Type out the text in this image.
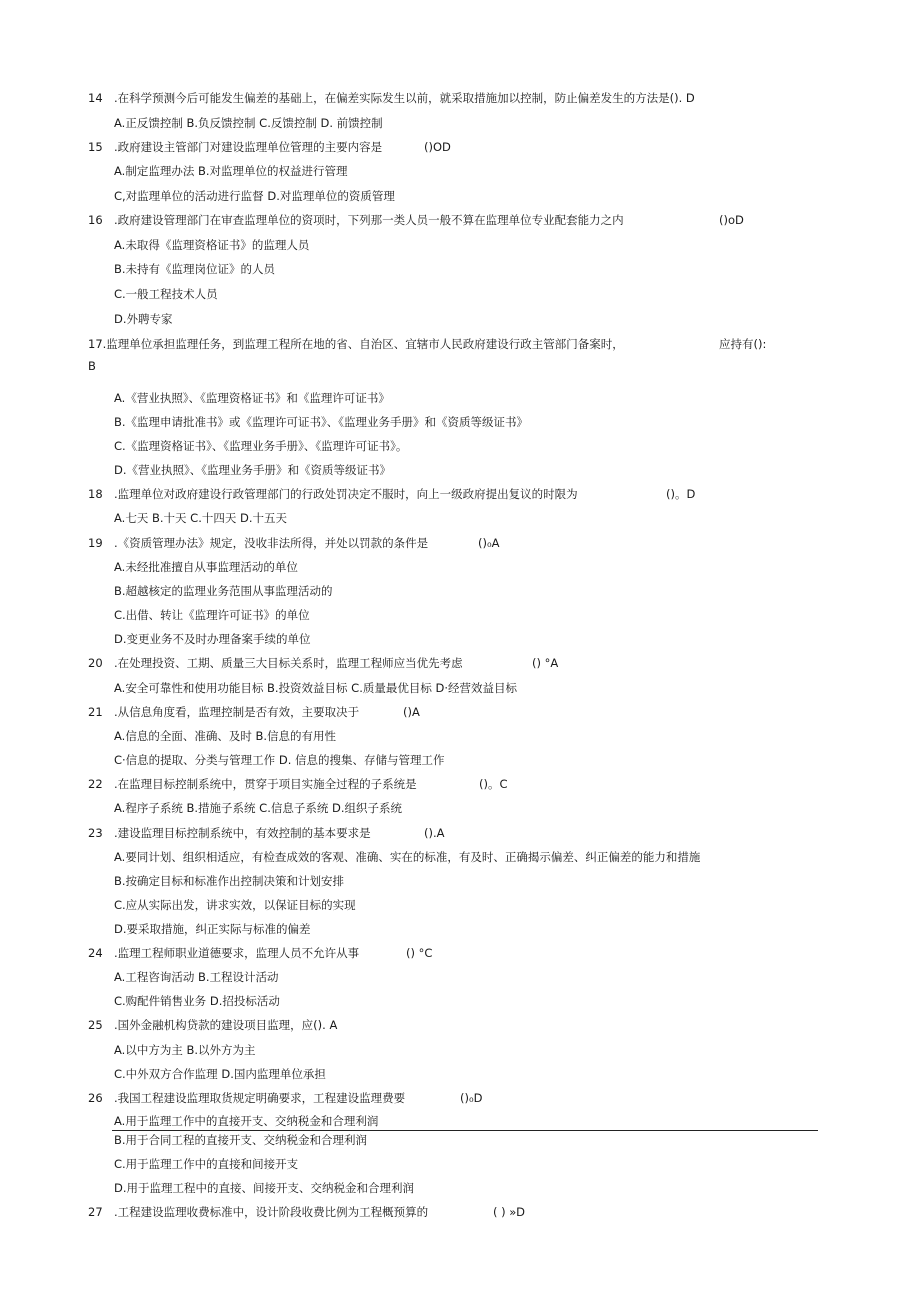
14 .在科学预测今后可能发生偏差的基础上，在偏差实际发生以前，就采取措施加以控制，防止偏差发生的方法是(). D
A.正反馈控制 B.负反馈控制 C.反馈控制 D. 前馈控制
15 .政府建设主管部门对建设监理单位管理的主要内容是	()OD
A.制定监理办法 B.对监理单位的权益进行管理
C,对监理单位的活动进行监督 D.对监理单位的资质管理
16 .政府建设管理部门在审查监理单位的资项时，下列那一类人员一般不算在监理单位专业配套能力之内	()oD
A.未取得《监理资格证书》的监理人员
B.未持有《监理岗位证》的人员
C.一般工程技术人员
D.外聘专家
17.监理单位承担监理任务，到监理工程所在地的省、自治区、宜辖市人民政府建设行政主管部门备案时，	应持有():
B
A.《营业执照》、《监理资格证书》和《监理许可证书》
B.《监理申请批准书》或《监理许可证书》、《监理业务手册》和《资质等级证书》
C.《监理资格证书》、《监理业务手册》、《监理许可证书》。
D.《营业执照》、《监理业务手册》和《资质等级证书》
18 .监理单位对政府建设行政管理部门的行政处罚决定不服时，向上一级政府提出复议的时限为	()。D
A.七天 B.十天 C.十四天 D.十五天
19 .《资质管理办法》规定，没收非法所得，并处以罚款的条件是	()₀A
A.未经批准擅自从事监理活动的单位
B.超越核定的监理业务范围从事监理活动的
C.出借、转让《监理许可证书》的单位
D.变更业务不及时办理备案手续的单位
20 .在处理投资、工期、质量三大目标关系时，监理工程师应当优先考虑	() °A
A.安全可靠性和使用功能目标 B.投资效益目标 C.质量最优目标 D·经营效益目标
21 .从信息角度看，监理控制是否有效，主要取决于	()A
A.信息的全面、准确、及时 B.信息的有用性
C·信息的提取、分类与管理工作 D. 信息的搜集、存储与管理工作
22 .在监理目标控制系统中，贯穿于项目实施全过程的子系统是	()。C
A.程序子系统 B.措施子系统 C.信息子系统 D.组织子系统
23 .建设监理目标控制系统中，有效控制的基本要求是	().A
A.要同计划、组织相适应，有检查成效的客观、准确、实在的标准，有及时、正确揭示偏差、纠正偏差的能力和措施
B.按确定目标和标准作出控制决策和计划安排
C.应从实际出发，讲求实效，以保证目标的实现
D.要采取措施，纠正实际与标准的偏差
24 .监理工程师职业道德要求，监理人员不允许从事	() °C
A.工程咨询活动 B.工程设计活动
C.购配件销售业务 D.招投标活动
25 .国外金融机构贷款的建设项目监理，应(). A
A.以中方为主 B.以外方为主
C.中外双方合作监理 D.国内监理单位承担
26 .我国工程建设监理取货规定明确要求，工程建设监理费要	()₀D
A.用于监理工作中的直接开支、交纳税金和合理利润
B.用于合同工程的直接开支、交纳税金和合理利润
C.用于监理工作中的直接和间接开支
D.用于监理工程中的直接、间接开支、交纳税金和合理利润
27 .工程建设监理收费标准中，设计阶段收费比例为工程概预算的	( ) »D
